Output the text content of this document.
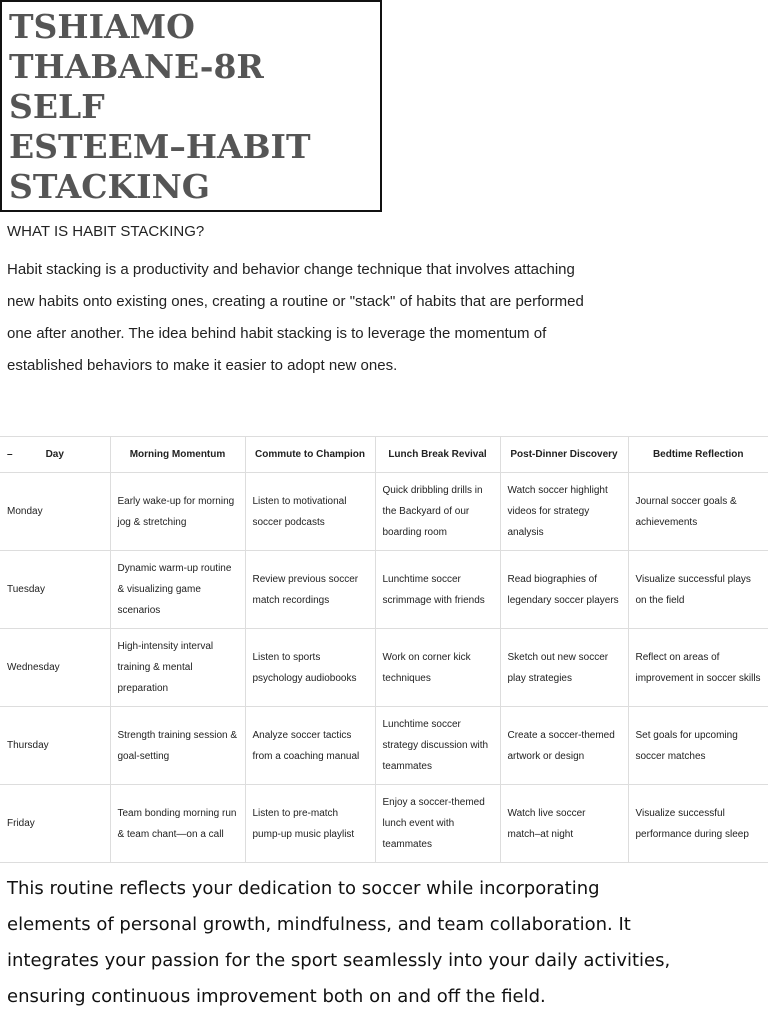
TSHIAMO
THABANE-8R
SELF
ESTEEM–HABIT
STACKING
WHAT IS HABIT STACKING?

Habit stacking is a productivity and behavior change technique that involves attaching
new habits onto existing ones, creating a routine or "stack" of habits that are performed
one after another. The idea behind habit stacking is to leverage the momentum of
established behaviors to make it easier to adopt new ones.

– Day	Morning Momentum	Commute to Champion	Lunch Break Revival	Post-Dinner Discovery	Bedtime Reflection
Monday	Early wake-up for morning jog & stretching	Listen to motivational soccer podcasts	Quick dribbling drills in the Backyard of our boarding room	Watch soccer highlight videos for strategy analysis	Journal soccer goals & achievements
Tuesday	Dynamic warm-up routine & visualizing game scenarios	Review previous soccer match recordings	Lunchtime soccer scrimmage with friends	Read biographies of legendary soccer players	Visualize successful plays on the field
Wednesday	High-intensity interval training & mental preparation	Listen to sports psychology audiobooks	Work on corner kick techniques	Sketch out new soccer play strategies	Reflect on areas of improvement in soccer skills
Thursday	Strength training session & goal-setting	Analyze soccer tactics from a coaching manual	Lunchtime soccer strategy discussion with teammates	Create a soccer-themed artwork or design	Set goals for upcoming soccer matches
Friday	Team bonding morning run & team chant—on a call	Listen to pre-match pump-up music playlist	Enjoy a soccer-themed lunch event with teammates	Watch live soccer match–at night	Visualize successful performance during sleep

This routine reflects your dedication to soccer while incorporating
elements of personal growth, mindfulness, and team collaboration. It
integrates your passion for the sport seamlessly into your daily activities,
ensuring continuous improvement both on and off the field.
